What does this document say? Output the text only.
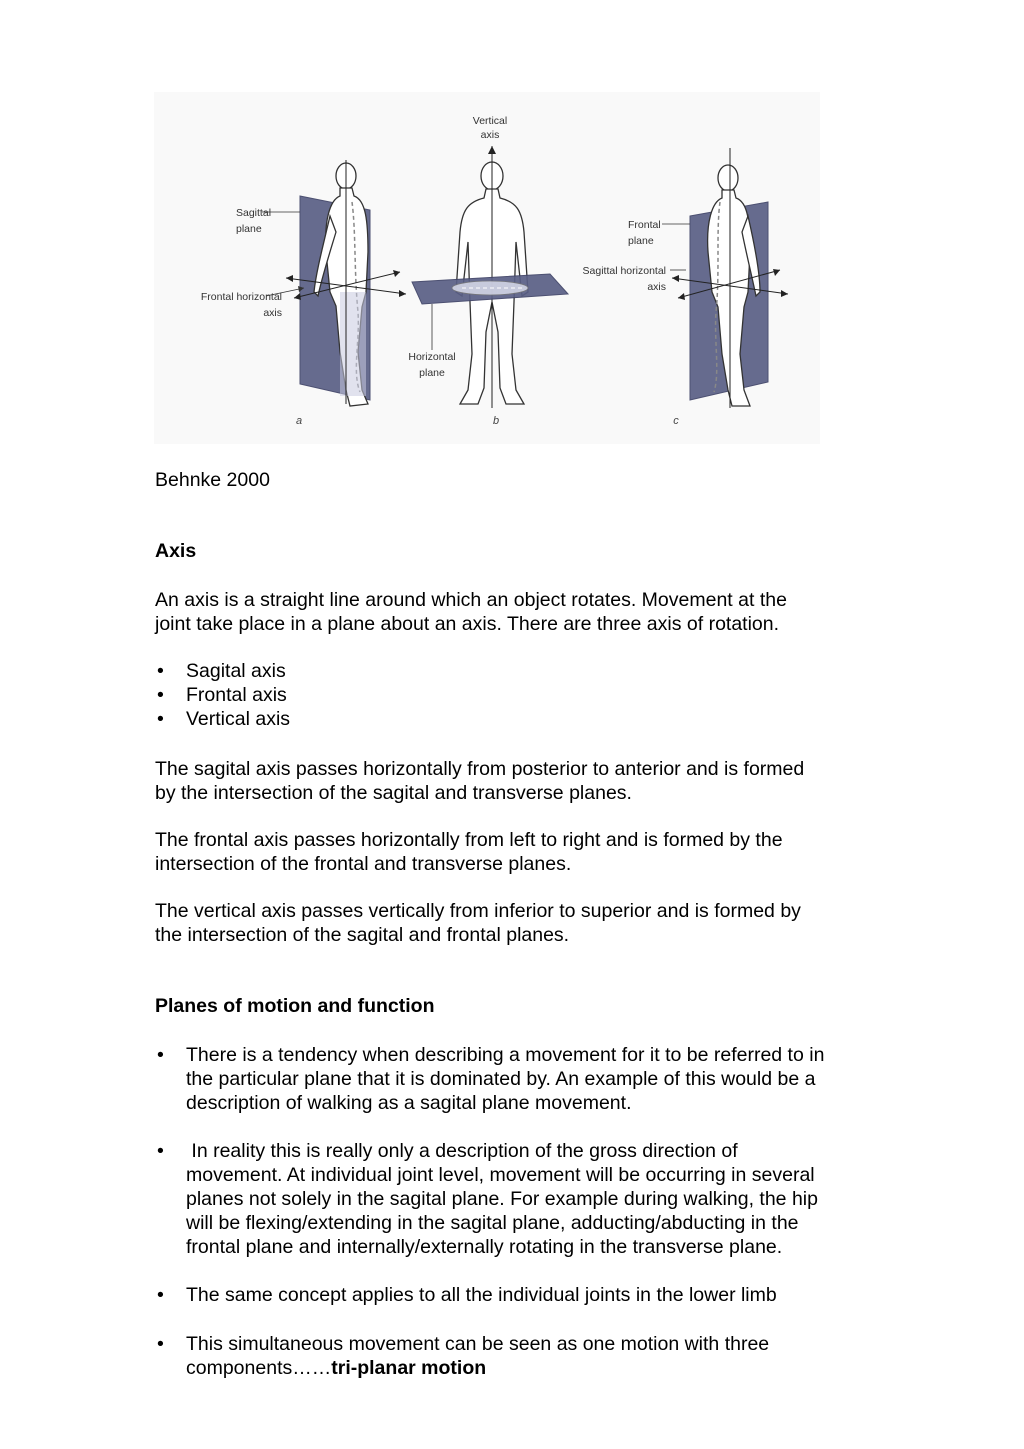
Vertical
axis
Sagittal
plane
Frontal horizontal
axis
Horizontal
plane
Frontal
plane
Sagittal horizontal
axis
a	b	c

Behnke 2000

Axis

An axis is a straight line around which an object rotates. Movement at the
joint take place in a plane about an axis. There are three axis of rotation.
• Sagital axis
• Frontal axis
• Vertical axis
The sagital axis passes horizontally from posterior to anterior and is formed
by the intersection of the sagital and transverse planes.
The frontal axis passes horizontally from left to right and is formed by the
intersection of the frontal and transverse planes.
The vertical axis passes vertically from inferior to superior and is formed by
the intersection of the sagital and frontal planes.

Planes of motion and function

• There is a tendency when describing a movement for it to be referred to in
the particular plane that it is dominated by. An example of this would be a
description of walking as a sagital plane movement.
•  In reality this is really only a description of the gross direction of
movement. At individual joint level, movement will be occurring in several
planes not solely in the sagital plane. For example during walking, the hip
will be flexing/extending in the sagital plane, adducting/abducting in the
frontal plane and internally/externally rotating in the transverse plane.
• The same concept applies to all the individual joints in the lower limb
• This simultaneous movement can be seen as one motion with three
components……tri-planar motion
